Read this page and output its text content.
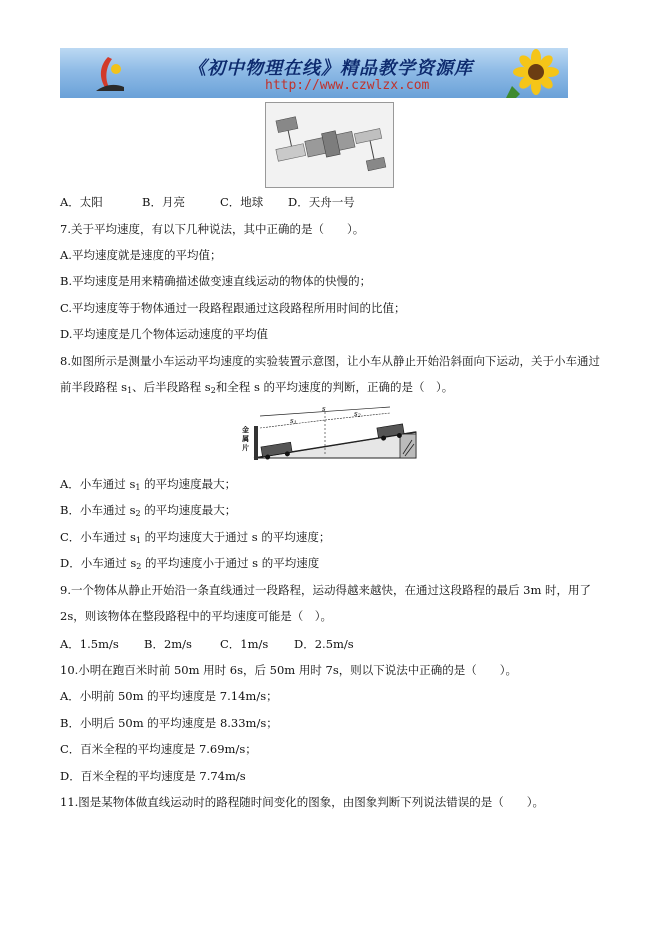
《初中物理在线》精品教学资源库
http://www.czwlzx.com
A．太阳	B．月亮	C．地球 D．天舟一号
7.关于平均速度，有以下几种说法，其中正确的是（　　）。
A.平均速度就是速度的平均值；
B.平均速度是用来精确描述做变速直线运动的物体的快慢的；
C.平均速度等于物体通过一段路程跟通过这段路程所用时间的比值；
D.平均速度是几个物体运动速度的平均值
8.如图所示是测量小车运动平均速度的实验装置示意图，让小车从静止开始沿斜面向下运动，关于小车通过
前半段路程 $s_1$、后半段路程 $s_2$和全程 s 的平均速度的判断，正确的是（　）。
金
属
片
s
s1
s2
A．小车通过 $s_1$ 的平均速度最大；
B．小车通过 $s_2$ 的平均速度最大；
C．小车通过 $s_1$ 的平均速度大于通过 s 的平均速度；
D．小车通过 $s_2$ 的平均速度小于通过 s 的平均速度
9.一个物体从静止开始沿一条直线通过一段路程，运动得越来越快，在通过这段路程的最后 3m 时，用了
2s，则该物体在整段路程中的平均速度可能是（　）。
A．1.5m/s B．2m/s C．1m/s D．2.5m/s
10.小明在跑百米时前 50m 用时 6s，后 50m 用时 7s，则以下说法中正确的是（　　）。
A．小明前 50m 的平均速度是 7.14m/s；
B．小明后 50m 的平均速度是 8.33m/s；
C．百米全程的平均速度是 7.69m/s；
D．百米全程的平均速度是 7.74m/s
11.图是某物体做直线运动时的路程随时间变化的图象，由图象判断下列说法错误的是（　　）。
